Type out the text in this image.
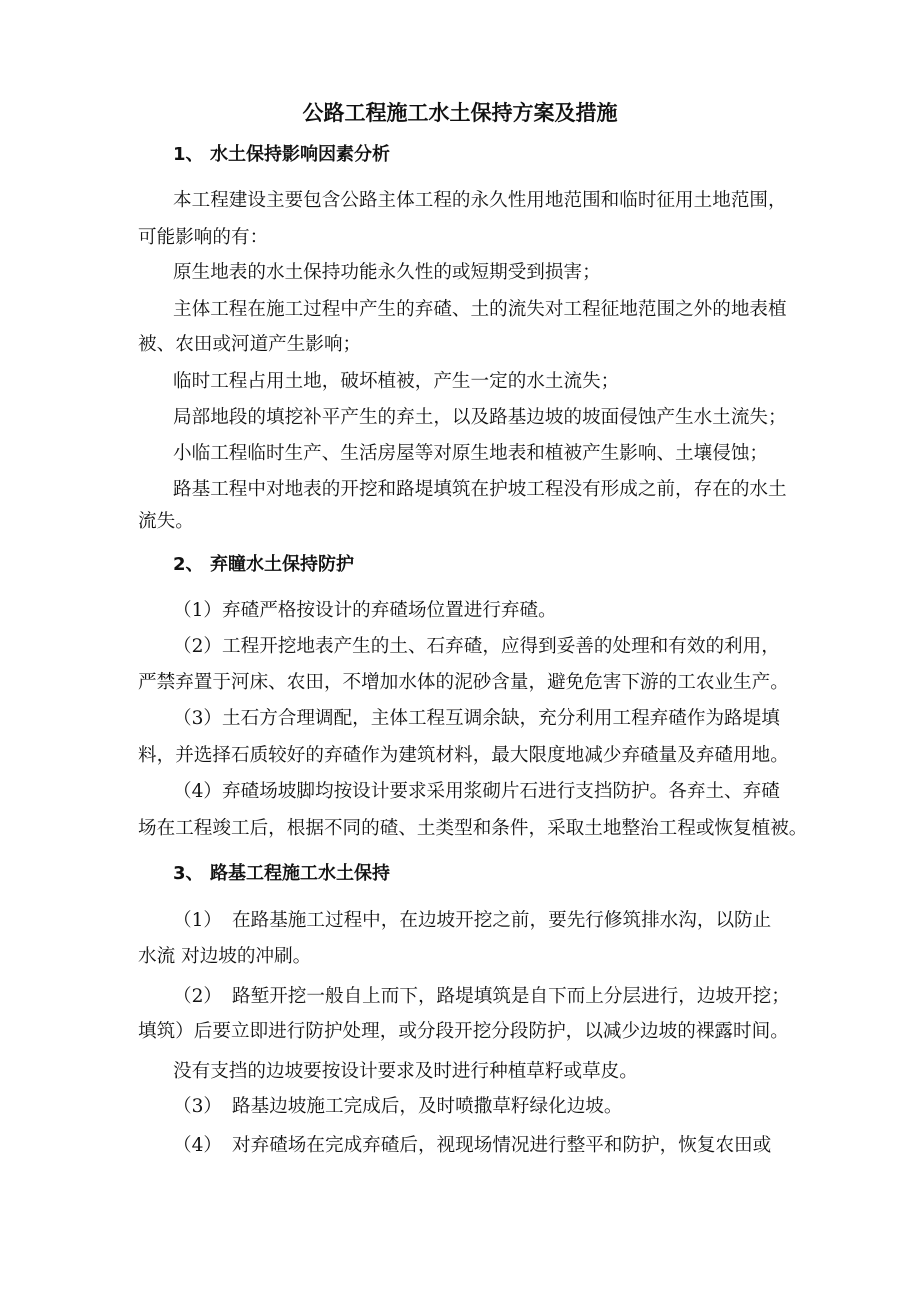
公路工程施工水土保持方案及措施
1、 水土保持影响因素分析
本工程建设主要包含公路主体工程的永久性用地范围和临时征用土地范围，
可能影响的有：
原生地表的水土保持功能永久性的或短期受到损害；
主体工程在施工过程中产生的弃碴、土的流失对工程征地范围之外的地表植
被、农田或河道产生影响；
临时工程占用土地，破坏植被，产生一定的水土流失；
局部地段的填挖补平产生的弃土，以及路基边坡的坡面侵蚀产生水土流失；
小临工程临时生产、生活房屋等对原生地表和植被产生影响、土壤侵蚀；
路基工程中对地表的开挖和路堤填筑在护坡工程没有形成之前，存在的水土
流失。
2、 弃瞳水土保持防护
（1）弃碴严格按设计的弃碴场位置进行弃碴。
（2）工程开挖地表产生的土、石弃碴，应得到妥善的处理和有效的利用，
严禁弃置于河床、农田，不增加水体的泥砂含量，避免危害下游的工农业生产。
（3）土石方合理调配，主体工程互调余缺，充分利用工程弃碴作为路堤填
料，并选择石质较好的弃碴作为建筑材料，最大限度地减少弃碴量及弃碴用地。
（4）弃碴场坡脚均按设计要求采用浆砌片石进行支挡防护。各弃土、弃碴
场在工程竣工后，根据不同的碴、土类型和条件，采取土地整治工程或恢复植被。
3、 路基工程施工水土保持
（1） 在路基施工过程中，在边坡开挖之前，要先行修筑排水沟，以防止
水流 对边坡的冲刷。
（2） 路堑开挖一般自上而下，路堤填筑是自下而上分层进行，边坡开挖；
填筑）后要立即进行防护处理，或分段开挖分段防护，以减少边坡的裸露时间。
没有支挡的边坡要按设计要求及时进行种植草籽或草皮。
（3） 路基边坡施工完成后，及时喷撒草籽绿化边坡。
（4） 对弃碴场在完成弃碴后，视现场情况进行整平和防护，恢复农田或
